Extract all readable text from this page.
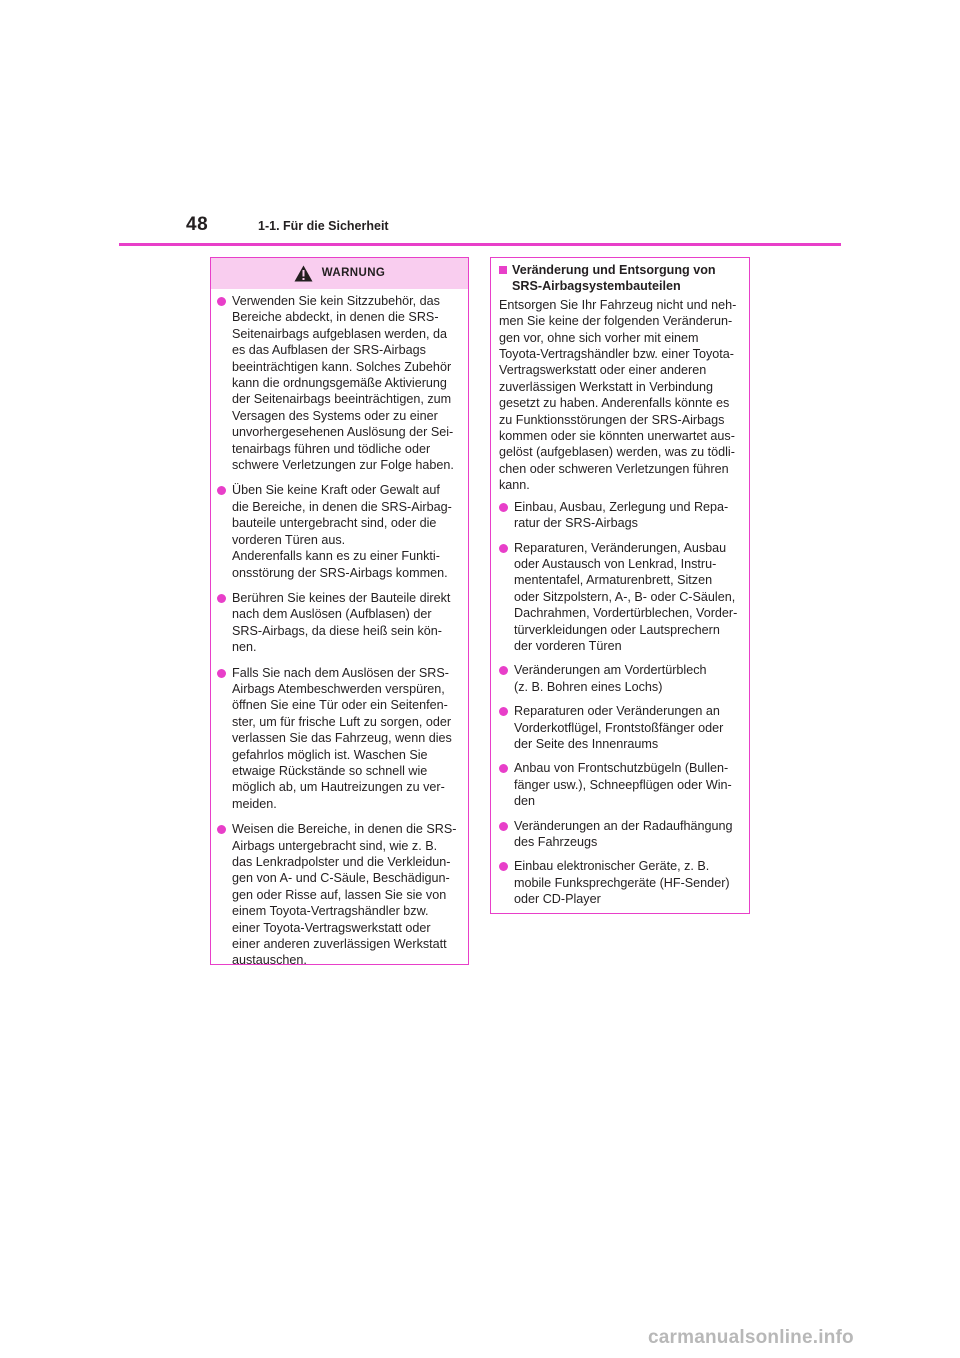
48	1-1. Für die Sicherheit
WARNUNG
Verwenden Sie kein Sitzzubehör, das
Bereiche abdeckt, in denen die SRS-
Seitenairbags aufgeblasen werden, da
es das Aufblasen der SRS-Airbags
beeinträchtigen kann. Solches Zubehör
kann die ordnungsgemäße Aktivierung
der Seitenairbags beeinträchtigen, zum
Versagen des Systems oder zu einer
unvorhergesehenen Auslösung der Sei-
tenairbags führen und tödliche oder
schwere Verletzungen zur Folge haben.
Üben Sie keine Kraft oder Gewalt auf
die Bereiche, in denen die SRS-Airbag-
bauteile untergebracht sind, oder die
vorderen Türen aus.
Anderenfalls kann es zu einer Funkti-
onsstörung der SRS-Airbags kommen.
Berühren Sie keines der Bauteile direkt
nach dem Auslösen (Aufblasen) der
SRS-Airbags, da diese heiß sein kön-
nen.
Falls Sie nach dem Auslösen der SRS-
Airbags Atembeschwerden verspüren,
öffnen Sie eine Tür oder ein Seitenfen-
ster, um für frische Luft zu sorgen, oder
verlassen Sie das Fahrzeug, wenn dies
gefahrlos möglich ist. Waschen Sie
etwaige Rückstände so schnell wie
möglich ab, um Hautreizungen zu ver-
meiden.
Weisen die Bereiche, in denen die SRS-
Airbags untergebracht sind, wie z. B.
das Lenkradpolster und die Verkleidun-
gen von A- und C-Säule, Beschädigun-
gen oder Risse auf, lassen Sie sie von
einem Toyota-Vertragshändler bzw.
einer Toyota-Vertragswerkstatt oder
einer anderen zuverlässigen Werkstatt
austauschen.
Veränderung und Entsorgung von SRS-Airbagsystembauteilen
Entsorgen Sie Ihr Fahrzeug nicht und neh-
men Sie keine der folgenden Veränderun-
gen vor, ohne sich vorher mit einem
Toyota-Vertragshändler bzw. einer Toyota-
Vertragswerkstatt oder einer anderen
zuverlässigen Werkstatt in Verbindung
gesetzt zu haben. Anderenfalls könnte es
zu Funktionsstörungen der SRS-Airbags
kommen oder sie könnten unerwartet aus-
gelöst (aufgeblasen) werden, was zu tödli-
chen oder schweren Verletzungen führen
kann.
Einbau, Ausbau, Zerlegung und Repa-
ratur der SRS-Airbags
Reparaturen, Veränderungen, Ausbau
oder Austausch von Lenkrad, Instru-
mententafel, Armaturenbrett, Sitzen
oder Sitzpolstern, A-, B- oder C-Säulen,
Dachrahmen, Vordertürblechen, Vorder-
türverkleidungen oder Lautsprechern
der vorderen Türen
Veränderungen am Vordertürblech
(z. B. Bohren eines Lochs)
Reparaturen oder Veränderungen an
Vorderkotflügel, Frontstoßfänger oder
der Seite des Innenraums
Anbau von Frontschutzbügeln (Bullen-
fänger usw.), Schneepflügen oder Win-
den
Veränderungen an der Radaufhängung
des Fahrzeugs
Einbau elektronischer Geräte, z. B.
mobile Funksprechgeräte (HF-Sender)
oder CD-Player
carmanualsonline.info
